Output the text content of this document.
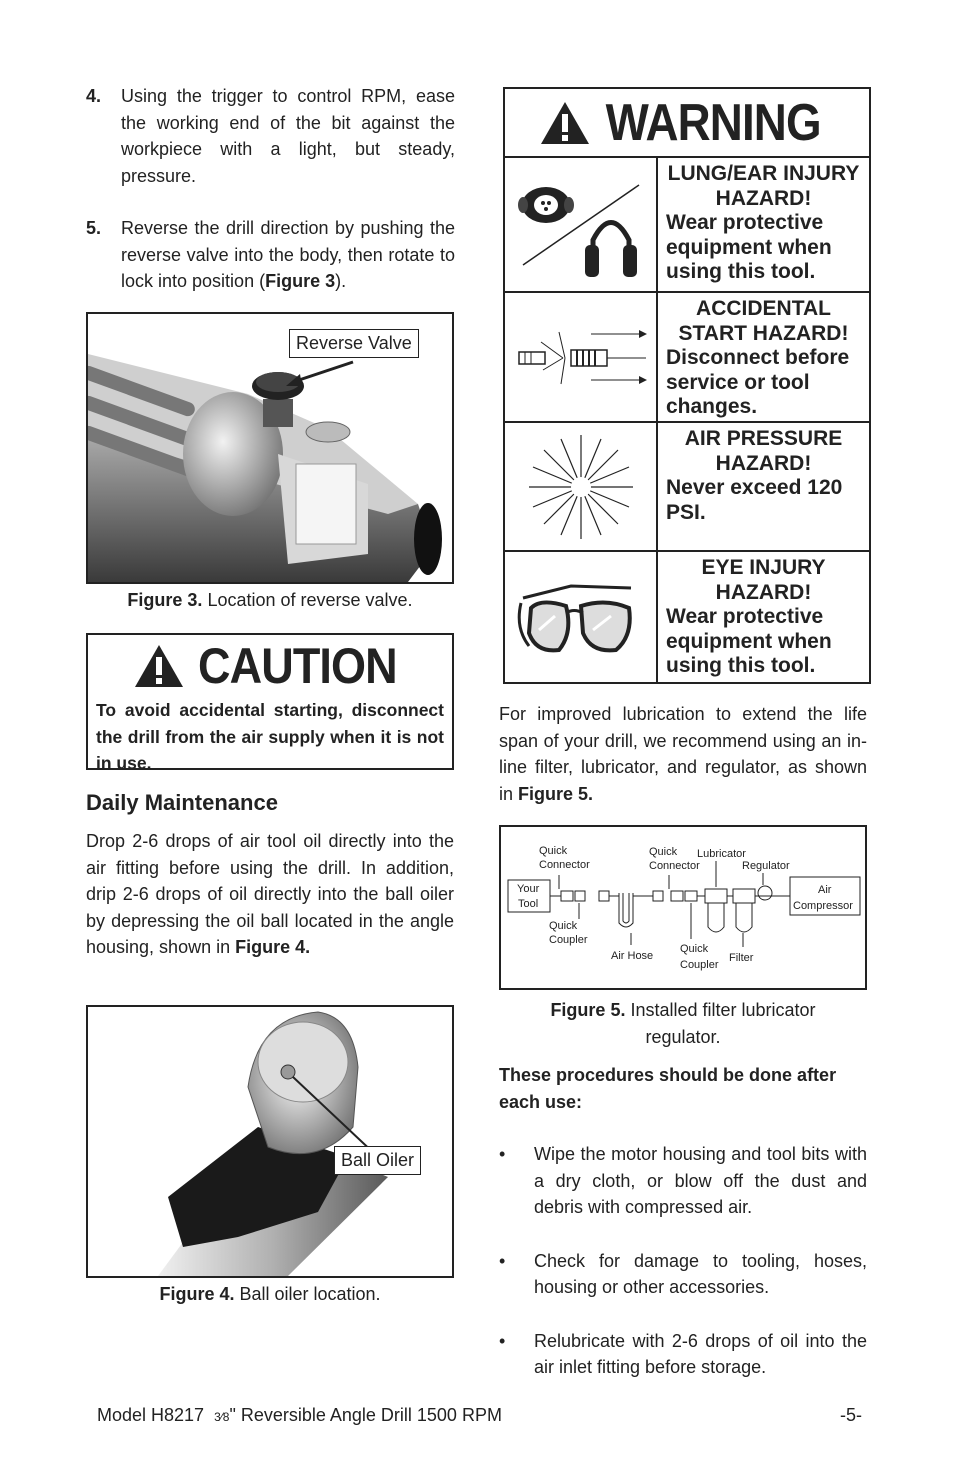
4.	Using the trigger to control RPM, ease the working end of the bit against the workpiece with a light, but steady, pressure.
5.	Reverse the drill direction by pushing the reverse valve into the body, then rotate to lock into position (Figure 3).
Reverse Valve
Figure 3. Location of reverse valve.
CAUTION
To avoid accidental starting, disconnect the drill from the air supply when it is not in use.
Daily Maintenance
Drop 2-6 drops of air tool oil directly into the air fitting before using the drill. In addition, drip 2-6 drops of oil directly into the ball oiler by depressing the oil ball located in the angle housing, shown in Figure 4.
Ball Oiler
Figure 4. Ball oiler location.
WARNING
LUNG/EAR INJURY HAZARD!
Wear protective equipment when using this tool.
ACCIDENTAL START HAZARD!
Disconnect before service or tool changes.
AIR PRESSURE HAZARD!
Never exceed 120 PSI.
EYE INJURY HAZARD!
Wear protective equipment when using this tool.
For improved lubrication to extend the life span of your drill, we recommend using an in-line filter, lubricator, and regulator, as shown in Figure 5.
Quick
Connector
Quick
Connector
Lubricator
Regulator
Your
Tool
Air
Compressor
Quick
Coupler
Air Hose
Quick
Coupler
Filter
Figure 5. Installed filter lubricator
regulator.
These procedures should be done after each use:
•	Wipe the motor housing and tool bits with a dry cloth, or blow off the dust and debris with compressed air.
•	Check for damage to tooling, hoses, housing or other accessories.
•	Relubricate with 2-6 drops of oil into the air inlet fitting before storage.
Model H8217  3⁄8" Reversible Angle Drill 1500 RPM	-5-
